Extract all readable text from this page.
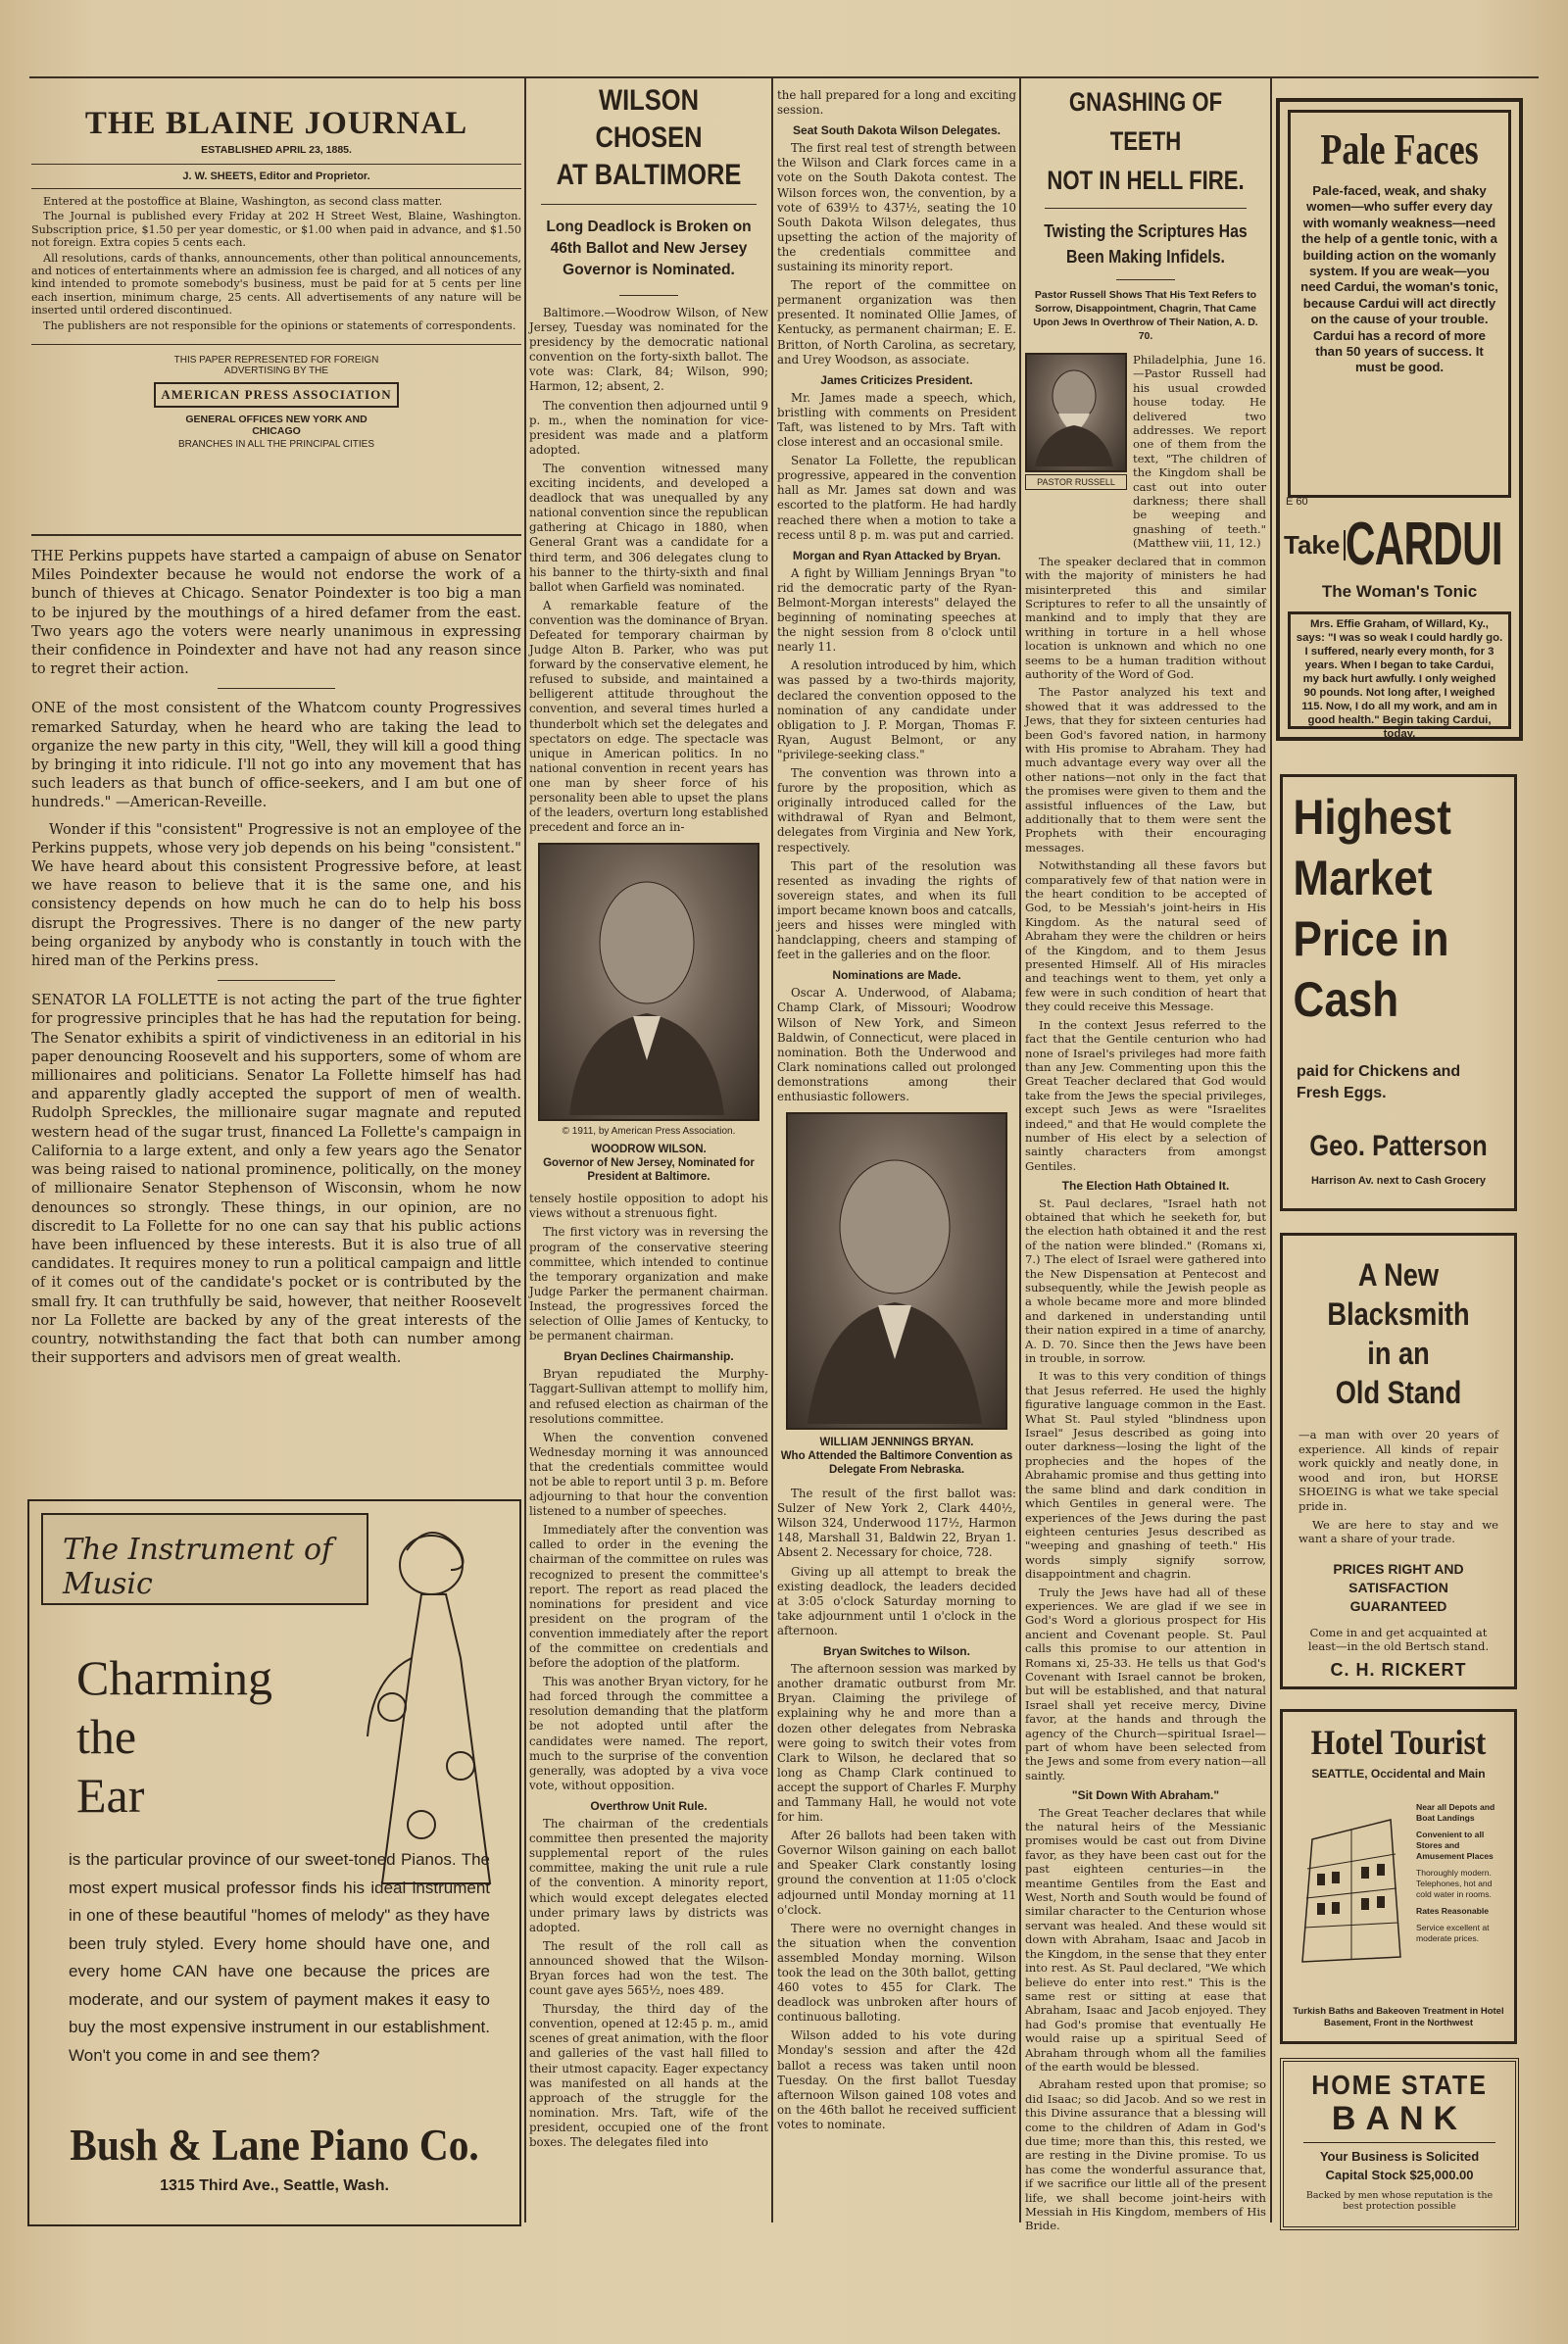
THE BLAINE JOURNAL
ESTABLISHED APRIL 23, 1885.
J. W. SHEETS, Editor and Proprietor.
Entered at the postoffice at Blaine, Washington, as second class matter.
The Journal is published every Friday at 202 H Street West, Blaine, Washington. Subscription price, $1.50 per year domestic, or $1.00 when paid in advance, and $1.50 not foreign. Extra copies 5 cents each.
All resolutions, cards of thanks, announcements, other than political announcements, and notices of entertainments where an admission fee is charged, and all notices of any kind intended to promote somebody's business, must be paid for at 5 cents per line each insertion, minimum charge, 25 cents. All advertisements of any nature will be inserted until ordered discontinued.
The publishers are not responsible for the opinions or statements of correspondents.
THIS PAPER REPRESENTED FOR FOREIGN ADVERTISING BY THE
AMERICAN PRESS ASSOCIATION
GENERAL OFFICES NEW YORK AND CHICAGO
BRANCHES IN ALL THE PRINCIPAL CITIES

THE Perkins puppets have started a campaign of abuse on Senator Miles Poindexter because he would not endorse the work of a bunch of thieves at Chicago. Senator Poindexter is too big a man to be injured by the mouthings of a hired defamer from the east. Two years ago the voters were nearly unanimous in expressing their confidence in Poindexter and have not had any reason since to regret their action.

ONE of the most consistent of the Whatcom county Progressives remarked Saturday, when he heard who are taking the lead to organize the new party in this city, "Well, they will kill a good thing by bringing it into ridicule. I'll not go into any movement that has such leaders as that bunch of office-seekers, and I am but one of hundreds." —American-Reveille.

Wonder if this "consistent" Progressive is not an employee of the Perkins puppets, whose very job depends on his being "consistent." We have heard about this consistent Progressive before, at least we have reason to believe that it is the same one, and his consistency depends on how much he can do to help his boss disrupt the Progressives. There is no danger of the new party being organized by anybody who is constantly in touch with the hired man of the Perkins press.

SENATOR LA FOLLETTE is not acting the part of the true fighter for progressive principles that he has had the reputation for being. The Senator exhibits a spirit of vindictiveness in an editorial in his paper denouncing Roosevelt and his supporters, some of whom are millionaires and politicians. Senator La Follette himself has had and apparently gladly accepted the support of men of wealth. Rudolph Spreckles, the millionaire sugar magnate and reputed western head of the sugar trust, financed La Follette's campaign in California to a large extent, and only a few years ago the Senator was being raised to national prominence, politically, on the money of millionaire Senator Stephenson of Wisconsin, whom he now denounces so strongly. These things, in our opinion, are no discredit to La Follette for no one can say that his public actions have been influenced by these interests. But it is also true of all candidates. It requires money to run a political campaign and little of it comes out of the candidate's pocket or is contributed by the small fry. It can truthfully be said, however, that neither Roosevelt nor La Follette are backed by any of the great interests of the country, notwithstanding the fact that both can number among their supporters and advisors men of great wealth.

The Instrument of Music
Charming
the
Ear
is the particular province of our sweet-toned Pianos. The most expert musical professor finds his ideal instrument in one of these beautiful "homes of melody" as they have been truly styled. Every home should have one, and every home CAN have one because the prices are moderate, and our system of payment makes it easy to buy the most expensive instrument in our establishment. Won't you come in and see them?
Bush & Lane Piano Co.
1315 Third Ave., Seattle, Wash.
WILSON CHOSEN
AT BALTIMORE
Long Deadlock is Broken on 46th Ballot and New Jersey Governor is Nominated.

Baltimore.—Woodrow Wilson, of New Jersey, Tuesday was nominated for the presidency by the democratic national convention on the forty-sixth ballot. The vote was: Clark, 84; Wilson, 990; Harmon, 12; absent, 2.

The convention then adjourned until 9 p. m., when the nomination for vice-president was made and a platform adopted.

The convention witnessed many exciting incidents, and developed a deadlock that was unequalled by any national convention since the republican gathering at Chicago in 1880, when General Grant was a candidate for a third term, and 306 delegates clung to his banner to the thirty-sixth and final ballot when Garfield was nominated.

A remarkable feature of the convention was the dominance of Bryan. Defeated for temporary chairman by Judge Alton B. Parker, who was put forward by the conservative element, he refused to subside, and maintained a belligerent attitude throughout the convention, and several times hurled a thunderbolt which set the delegates and spectators on edge. The spectacle was unique in American politics. In no national convention in recent years has one man by sheer force of his personality been able to upset the plans of the leaders, overturn long established precedent and force an in-

© 1911, by American Press Association.
WOODROW WILSON.
Governor of New Jersey, Nominated for President at Baltimore.

tensely hostile opposition to adopt his views without a strenuous fight.

The first victory was in reversing the program of the conservative steering committee, which intended to continue the temporary organization and make Judge Parker the permanent chairman. Instead, the progressives forced the selection of Ollie James of Kentucky, to be permanent chairman.

Bryan Declines Chairmanship.

Bryan repudiated the Murphy-Taggart-Sullivan attempt to mollify him, and refused election as chairman of the resolutions committee.

When the convention convened Wednesday morning it was announced that the credentials committee would not be able to report until 3 p. m. Before adjourning to that hour the convention listened to a number of speeches.

Immediately after the convention was called to order in the evening the chairman of the committee on rules was recognized to present the committee's report. The report as read placed the nominations for president and vice president on the program of the convention immediately after the report of the committee on credentials and before the adoption of the platform.

This was another Bryan victory, for he had forced through the committee a resolution demanding that the platform be not adopted until after the candidates were named. The report, much to the surprise of the convention generally, was adopted by a viva voce vote, without opposition.

Overthrow Unit Rule.

The chairman of the credentials committee then presented the majority supplemental report of the rules committee, making the unit rule a rule of the convention. A minority report, which would except delegates elected under primary laws by districts was adopted.

The result of the roll call as announced showed that the Wilson-Bryan forces had won the test. The count gave ayes 565½, noes 489.

Thursday, the third day of the convention, opened at 12:45 p. m., amid scenes of great animation, with the floor and galleries of the vast hall filled to their utmost capacity. Eager expectancy was manifested on all hands at the approach of the struggle for the nomination. Mrs. Taft, wife of the president, occupied one of the front boxes. The delegates filed into

the hall prepared for a long and exciting session.

Seat South Dakota Wilson Delegates.

The first real test of strength between the Wilson and Clark forces came in a vote on the South Dakota contest. The Wilson forces won, the convention, by a vote of 639½ to 437½, seating the 10 South Dakota Wilson delegates, thus upsetting the action of the majority of the credentials committee and sustaining its minority report.

The report of the committee on permanent organization was then presented. It nominated Ollie James, of Kentucky, as permanent chairman; E. E. Britton, of North Carolina, as secretary, and Urey Woodson, as associate.

James Criticizes President.

Mr. James made a speech, which, bristling with comments on President Taft, was listened to by Mrs. Taft with close interest and an occasional smile.

Senator La Follette, the republican progressive, appeared in the convention hall as Mr. James sat down and was escorted to the platform. He had hardly reached there when a motion to take a recess until 8 p. m. was put and carried.

Morgan and Ryan Attacked by Bryan.

A fight by William Jennings Bryan "to rid the democratic party of the Ryan-Belmont-Morgan interests" delayed the beginning of nominating speeches at the night session from 8 o'clock until nearly 11.

A resolution introduced by him, which was passed by a two-thirds majority, declared the convention opposed to the nomination of any candidate under obligation to J. P. Morgan, Thomas F. Ryan, August Belmont, or any "privilege-seeking class."

The convention was thrown into a furore by the proposition, which as originally introduced called for the withdrawal of Ryan and Belmont, delegates from Virginia and New York, respectively.

This part of the resolution was resented as invading the rights of sovereign states, and when its full import became known boos and catcalls, jeers and hisses were mingled with handclapping, cheers and stamping of feet in the galleries and on the floor.

Nominations are Made.

Oscar A. Underwood, of Alabama; Champ Clark, of Missouri; Woodrow Wilson of New York, and Simeon Baldwin, of Connecticut, were placed in nomination. Both the Underwood and Clark nominations called out prolonged demonstrations among their enthusiastic followers.

WILLIAM JENNINGS BRYAN.
Who Attended the Baltimore Convention as Delegate From Nebraska.

The result of the first ballot was: Sulzer of New York 2, Clark 440½, Wilson 324, Underwood 117½, Harmon 148, Marshall 31, Baldwin 22, Bryan 1. Absent 2. Necessary for choice, 728.

Giving up all attempt to break the existing deadlock, the leaders decided at 3:05 o'clock Saturday morning to take adjournment until 1 o'clock in the afternoon.

Bryan Switches to Wilson.

The afternoon session was marked by another dramatic outburst from Mr. Bryan. Claiming the privilege of explaining why he and more than a dozen other delegates from Nebraska were going to switch their votes from Clark to Wilson, he declared that so long as Champ Clark continued to accept the support of Charles F. Murphy and Tammany Hall, he would not vote for him.

After 26 ballots had been taken with Governor Wilson gaining on each ballot and Speaker Clark constantly losing ground the convention at 11:05 o'clock adjourned until Monday morning at 11 o'clock.

There were no overnight changes in the situation when the convention assembled Monday morning. Wilson took the lead on the 30th ballot, getting 460 votes to 455 for Clark. The deadlock was unbroken after hours of continuous balloting.

Wilson added to his vote during Monday's session and after the 42d ballot a recess was taken until noon Tuesday. On the first ballot Tuesday afternoon Wilson gained 108 votes and on the 46th ballot he received sufficient votes to nominate.

GNASHING OF TEETH
NOT IN HELL FIRE.
Twisting the Scriptures Has Been Making Infidels.
Pastor Russell Shows That His Text Refers to Sorrow, Disappointment, Chagrin, That Came Upon Jews In Overthrow of Their Nation, A. D. 70.
PASTOR RUSSELL
Philadelphia, June 16.—Pastor Russell had his usual crowded house today. He delivered two addresses. We report one of them from the text, "The children of the Kingdom shall be cast out into outer darkness; there shall be weeping and gnashing of teeth." (Matthew viii, 11, 12.)

The speaker declared that in common with the majority of ministers he had misinterpreted this and similar Scriptures to refer to all the unsaintly of mankind and to imply that they are writhing in torture in a hell whose location is unknown and which no one seems to be a human tradition without authority of the Word of God.

The Pastor analyzed his text and showed that it was addressed to the Jews, that they for sixteen centuries had been God's favored nation, in harmony with His promise to Abraham. They had much advantage every way over all the other nations—not only in the fact that the promises were given to them and the assistful influences of the Law, but additionally that to them were sent the Prophets with their encouraging messages.

Notwithstanding all these favors but comparatively few of that nation were in the heart condition to be accepted of God, to be Messiah's joint-heirs in His Kingdom. As the natural seed of Abraham they were the children or heirs of the Kingdom, and to them Jesus presented Himself. All of His miracles and teachings went to them, yet only a few were in such condition of heart that they could receive this Message.

In the context Jesus referred to the fact that the Gentile centurion who had none of Israel's privileges had more faith than any Jew. Commenting upon this the Great Teacher declared that God would take from the Jews the special privileges, except such Jews as were "Israelites indeed," and that He would complete the number of His elect by a selection of saintly characters from amongst Gentiles.

The Election Hath Obtained It.

St. Paul declares, "Israel hath not obtained that which he seeketh for, but the election hath obtained it and the rest of the nation were blinded." (Romans xi, 7.) The elect of Israel were gathered into the New Dispensation at Pentecost and subsequently, while the Jewish people as a whole became more and more blinded and darkened in understanding until their nation expired in a time of anarchy, A. D. 70. Since then the Jews have been in trouble, in sorrow.

It was to this very condition of things that Jesus referred. He used the highly figurative language common in the East. What St. Paul styled "blindness upon Israel" Jesus described as going into outer darkness—losing the light of the prophecies and the hopes of the Abrahamic promise and thus getting into the same blind and dark condition in which Gentiles in general were. The experiences of the Jews during the past eighteen centuries Jesus described as "weeping and gnashing of teeth." His words simply signify sorrow, disappointment and chagrin.

Truly the Jews have had all of these experiences. We are glad if we see in God's Word a glorious prospect for His ancient and Covenant people. St. Paul calls this promise to our attention in Romans xi, 25-33. He tells us that God's Covenant with Israel cannot be broken, but will be established, and that natural Israel shall yet receive mercy, Divine favor, at the hands and through the agency of the Church—spiritual Israel—part of whom have been selected from the Jews and some from every nation—all saintly.

"Sit Down With Abraham."

The Great Teacher declares that while the natural heirs of the Messianic promises would be cast out from Divine favor, as they have been cast out for the past eighteen centuries—in the meantime Gentiles from the East and West, North and South would be found of similar character to the Centurion whose servant was healed. And these would sit down with Abraham, Isaac and Jacob in the Kingdom, in the sense that they enter into rest. As St. Paul declared, "We which believe do enter into rest." This is the same rest or sitting at ease that Abraham, Isaac and Jacob enjoyed. They had God's promise that eventually He would raise up a spiritual Seed of Abraham through whom all the families of the earth would be blessed.

Abraham rested upon that promise; so did Isaac; so did Jacob. And so we rest in this Divine assurance that a blessing will come to the children of Adam in God's due time; more than this, this rested, we are resting in the Divine promise. To us has come the wonderful assurance that, if we sacrifice our little all of the present life, we shall become joint-heirs with Messiah in His Kingdom, members of His Bride.

Pale Faces
Pale-faced, weak, and shaky women—who suffer every day with womanly weakness—need the help of a gentle tonic, with a building action on the womanly system. If you are weak—you need Cardui, the woman's tonic, because Cardui will act directly on the cause of your trouble. Cardui has a record of more than 50 years of success. It must be good.
E 60
Take CARDUI
The Woman's Tonic
Mrs. Effie Graham, of Willard, Ky., says: "I was so weak I could hardly go. I suffered, nearly every month, for 3 years. When I began to take Cardui, my back hurt awfully. I only weighed 90 pounds. Not long after, I weighed 115. Now, I do all my work, and am in good health." Begin taking Cardui, today.
Highest Market Price in Cash
paid for Chickens and Fresh Eggs.
Geo. Patterson
Harrison Av. next to Cash Grocery
A New
Blacksmith
in an
Old Stand
—a man with over 20 years of experience. All kinds of repair work quickly and neatly done, in wood and iron, but HORSE SHOEING is what we take special pride in.
We are here to stay and we want a share of your trade.
PRICES RIGHT AND SATISFACTION GUARANTEED
Come in and get acquainted at least—in the old Bertsch stand.
C. H. RICKERT
Hotel Tourist
SEATTLE, Occidental and Main
Near all Depots and Boat Landings
Convenient to all Stores and Amusement Places
Thoroughly modern. Telephones, hot and cold water in rooms.
Rates Reasonable
Service excellent at moderate prices.
Turkish Baths and Bakeoven Treatment in Hotel Basement, Front in the Northwest
HOME STATE
BANK
Your Business is Solicited
Capital Stock $25,000.00
Backed by men whose reputation is the best protection possible
